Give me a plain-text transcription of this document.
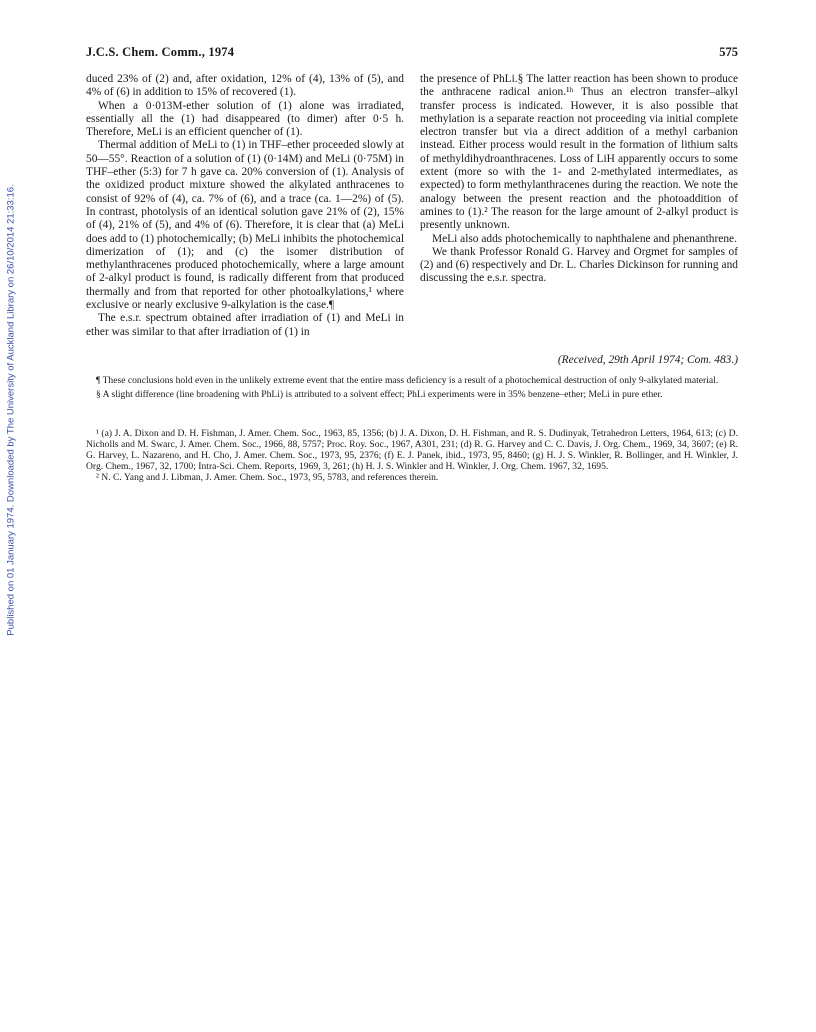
Published on 01 January 1974. Downloaded by The University of Auckland Library on 26/10/2014 21:33:16.
J.C.S. Chem. Comm., 1974	575

duced 23% of (2) and, after oxidation, 12% of (4), 13% of (5), and 4% of (6) in addition to 15% of recovered (1).

When a 0·013M-ether solution of (1) alone was irradiated, essentially all the (1) had disappeared (to dimer) after 0·5 h. Therefore, MeLi is an efficient quencher of (1).

Thermal addition of MeLi to (1) in THF–ether proceeded slowly at 50—55°. Reaction of a solution of (1) (0·14M) and MeLi (0·75M) in THF–ether (5:3) for 7 h gave ca. 20% conversion of (1). Analysis of the oxidized product mixture showed the alkylated anthracenes to consist of 92% of (4), ca. 7% of (6), and a trace (ca. 1—2%) of (5). In contrast, photolysis of an identical solution gave 21% of (2), 15% of (4), 21% of (5), and 4% of (6). Therefore, it is clear that (a) MeLi does add to (1) photochemically; (b) MeLi inhibits the photochemical dimerization of (1); and (c) the isomer distribution of methylanthracenes produced photochemically, where a large amount of 2-alkyl product is found, is radically different from that produced thermally and from that reported for other photoalkylations,¹ where exclusive or nearly exclusive 9-alkylation is the case.¶

The e.s.r. spectrum obtained after irradiation of (1) and MeLi in ether was similar to that after irradiation of (1) in

the presence of PhLi.§ The latter reaction has been shown to produce the anthracene radical anion.¹ʰ Thus an electron transfer–alkyl transfer process is indicated. However, it is also possible that methylation is a separate reaction not proceeding via initial complete electron transfer but via a direct addition of a methyl carbanion instead. Either process would result in the formation of lithium salts of methyldihydroanthracenes. Loss of LiH apparently occurs to some extent (more so with the 1- and 2-methylated intermediates, as expected) to form methylanthracenes during the reaction. We note the analogy between the present reaction and the photoaddition of amines to (1).² The reason for the large amount of 2-alkyl product is presently unknown.

MeLi also adds photochemically to naphthalene and phenanthrene.

We thank Professor Ronald G. Harvey and Orgmet for samples of (2) and (6) respectively and Dr. L. Charles Dickinson for running and discussing the e.s.r. spectra.

(Received, 29th April 1974; Com. 483.)

¶ These conclusions hold even in the unlikely extreme event that the entire mass deficiency is a result of a photochemical destruction of only 9-alkylated material.

§ A slight difference (line broadening with PhLi) is attributed to a solvent effect; PhLi experiments were in 35% benzene–ether; MeLi in pure ether.

¹ (a) J. A. Dixon and D. H. Fishman, J. Amer. Chem. Soc., 1963, 85, 1356; (b) J. A. Dixon, D. H. Fishman, and R. S. Dudinyak, Tetrahedron Letters, 1964, 613; (c) D. Nicholls and M. Swarc, J. Amer. Chem. Soc., 1966, 88, 5757; Proc. Roy. Soc., 1967, A301, 231; (d) R. G. Harvey and C. C. Davis, J. Org. Chem., 1969, 34, 3607; (e) R. G. Harvey, L. Nazareno, and H. Cho, J. Amer. Chem. Soc., 1973, 95, 2376; (f) E. J. Panek, ibid., 1973, 95, 8460; (g) H. J. S. Winkler, R. Bollinger, and H. Winkler, J. Org. Chem., 1967, 32, 1700; Intra-Sci. Chem. Reports, 1969, 3, 261; (h) H. J. S. Winkler and H. Winkler, J. Org. Chem. 1967, 32, 1695.

² N. C. Yang and J. Libman, J. Amer. Chem. Soc., 1973, 95, 5783, and references therein.
